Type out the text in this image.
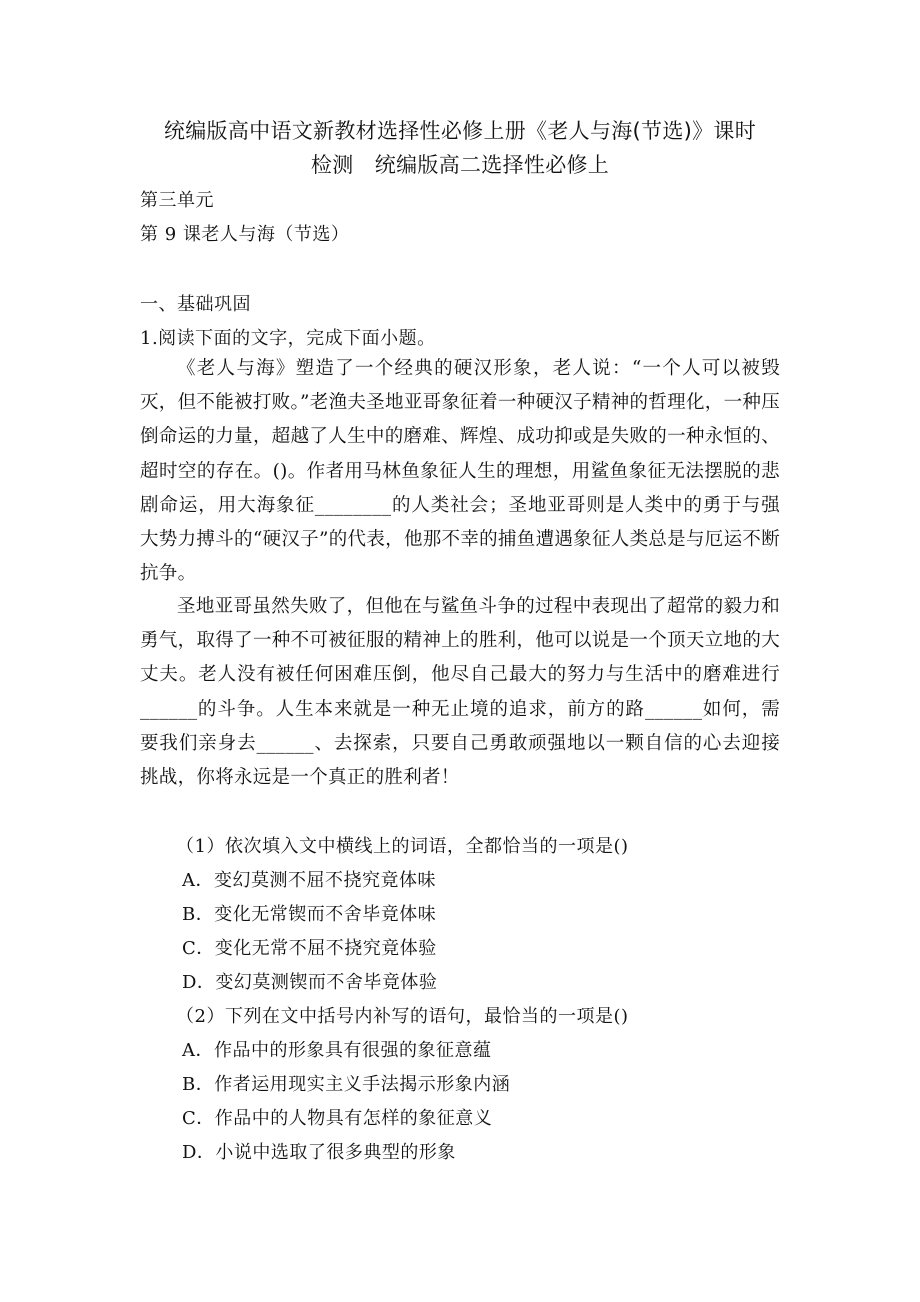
统编版高中语文新教材选择性必修上册《老人与海(节选)》课时
检测　统编版高二选择性必修上
第三单元
第 9 课老人与海（节选）
一、基础巩固
1.阅读下面的文字，完成下面小题。
《老人与海》塑造了一个经典的硬汉形象，老人说：“一个人可以被毁灭，但不能被打败。”老渔夫圣地亚哥象征着一种硬汉子精神的哲理化，一种压倒命运的力量，超越了人生中的磨难、辉煌、成功抑或是失败的一种永恒的、超时空的存在。()。作者用马林鱼象征人生的理想，用鲨鱼象征无法摆脱的悲剧命运，用大海象征________的人类社会；圣地亚哥则是人类中的勇于与强大势力搏斗的“硬汉子”的代表，他那不幸的捕鱼遭遇象征人类总是与厄运不断抗争。
圣地亚哥虽然失败了，但他在与鲨鱼斗争的过程中表现出了超常的毅力和勇气，取得了一种不可被征服的精神上的胜利，他可以说是一个顶天立地的大丈夫。老人没有被任何困难压倒，他尽自己最大的努力与生活中的磨难进行______的斗争。人生本来就是一种无止境的追求，前方的路______如何，需要我们亲身去______、去探索，只要自己勇敢顽强地以一颗自信的心去迎接挑战，你将永远是一个真正的胜利者！
（1）依次填入文中横线上的词语，全都恰当的一项是()
A．变幻莫测不屈不挠究竟体味
B．变化无常锲而不舍毕竟体味
C．变化无常不屈不挠究竟体验
D．变幻莫测锲而不舍毕竟体验
（2）下列在文中括号内补写的语句，最恰当的一项是()
A．作品中的形象具有很强的象征意蕴
B．作者运用现实主义手法揭示形象内涵
C．作品中的人物具有怎样的象征意义
D．小说中选取了很多典型的形象
